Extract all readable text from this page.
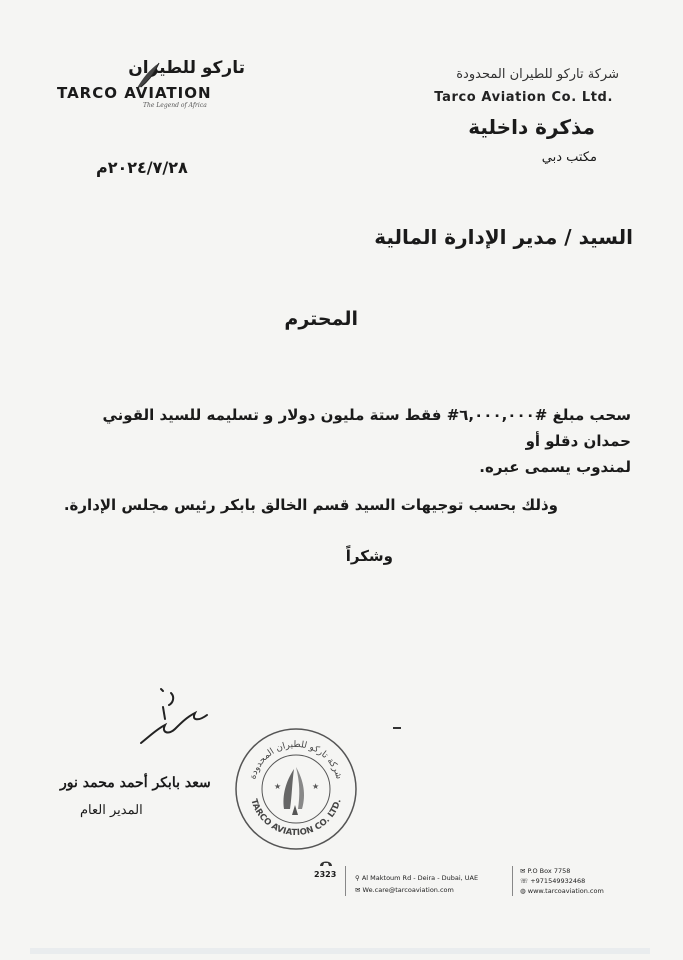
تاركو للطيران
TARCO AVIATION
The Legend of Africa
شركة تاركو للطيران المحدودة
Tarco Aviation Co. Ltd.
مذكرة داخلية
مكتب دبي
٢٠٢٤/٧/٢٨م
السيد / مدير الإدارة المالية
المحترم
سحب مبلغ #٦,٠٠٠,٠٠٠# فقط ستة مليون دولار و تسليمه للسيد القوني حمدان دقلو أو
لمندوب يسمى عبره.
وذلك بحسب توجيهات السيد قسم الخالق بابكر رئيس مجلس الإدارة.
وشكراً
سعد بابكر أحمد محمد نور
المدير العام
شركة تاركو للطيران المحدودة
TARCO AVIATION CO. LTD.
★	★
2323	⚲ Al Maktoum Rd - Deira - Dubai, UAE
✉ We.care@tarcoaviation.com
✉ P.O Box 7758
☏ +971549932468
◍ www.tarcoaviation.com
